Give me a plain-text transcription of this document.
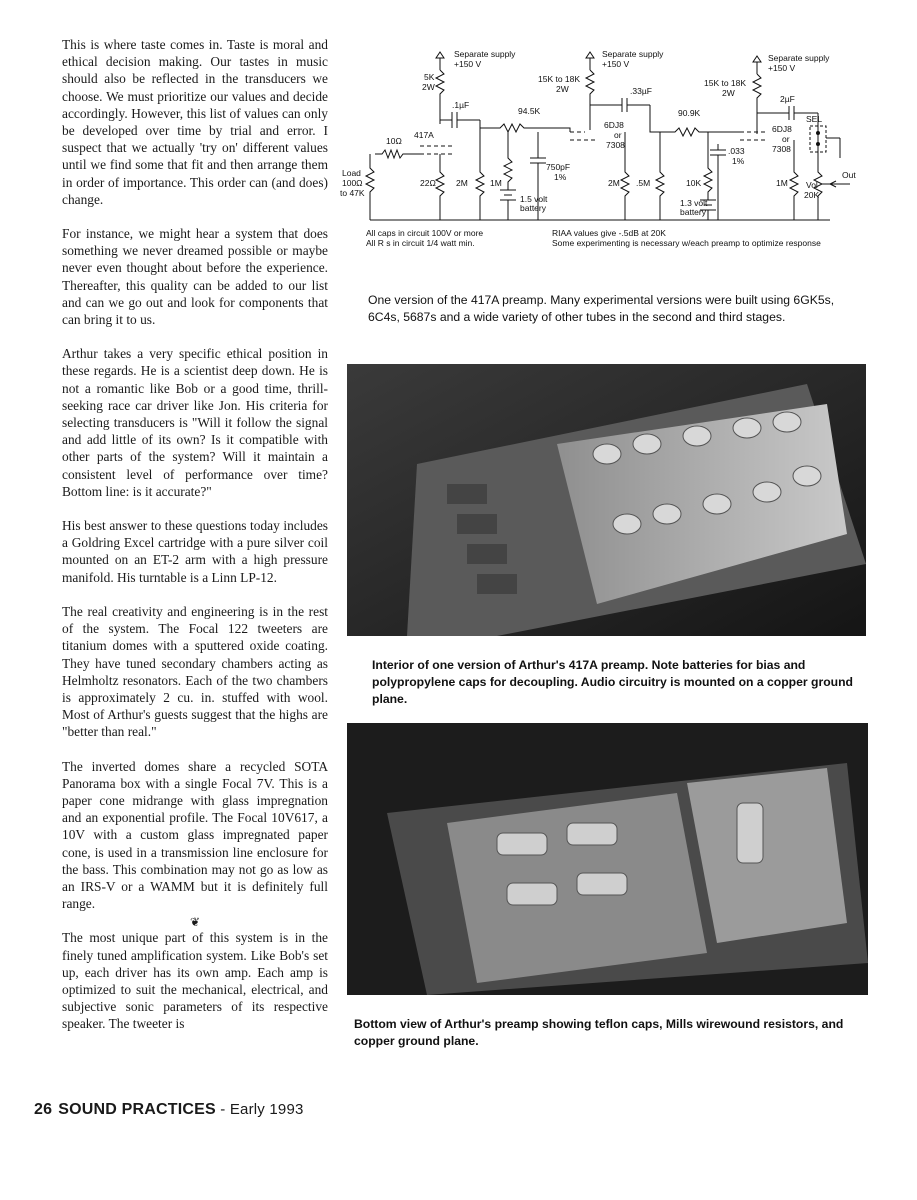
This is where taste comes in. Taste is moral and ethical decision making. Our tastes in music should also be reflected in the transducers we choose. We must prioritize our values and decide accordingly. However, this list of values can only be developed over time by trial and error. I suspect that we actually 'try on' different values until we find some that fit and then arrange them in order of importance. This order can (and does) change.

For instance, we might hear a system that does something we never dreamed possible or maybe never even thought about before the experience. Thereafter, this quality can be added to our list and can we go out and look for components that can bring it to us.

Arthur takes a very specific ethical position in these regards. He is a scientist deep down. He is not a romantic like Bob or a good time, thrill-seeking race car driver like Jon. His criteria for selecting transducers is "Will it follow the signal and add little of its own? Is it compatible with other parts of the system? Will it maintain a consistent level of performance over time? Bottom line: is it accurate?"

His best answer to these questions today includes a Goldring Excel cartridge with a pure silver coil mounted on an ET-2 arm with a high pressure manifold. His turntable is a Linn LP-12.

The real creativity and engineering is in the rest of the system. The Focal 122 tweeters are titanium domes with a sputtered oxide coating. They have tuned secondary chambers acting as Helmholtz resonators. Each of the two chambers is approximately 2 cu. in. stuffed with wool. Most of Arthur's guests suggest that the highs are "better than real."

The inverted domes share a recycled SOTA Panorama box with a single Focal 7V. This is a paper cone midrange with glass impregnation and an exponential profile. The Focal 10V617, a 10V with a custom glass impregnated paper cone, is used in a transmission line enclosure for the bass. This combination may not go as low as an IRS-V or a WAMM but it is definitely full range.

❦

The most unique part of this system is in the finely tuned amplification system. Like Bob's set up, each driver has its own amp. Each amp is optimized to suit the mechanical, electrical, and subjective sonic parameters of its respective speaker. The tweeter is

Separate supply
+150 V
Separate supply
+150 V
Separate supply
+150 V
5K
2W
15K to 18K
2W
15K to 18K
2W
.1µF
417A
10Ω
94.5K
6DJ8
or
7308
.33µF
90.9K
6DJ8
or
7308
2µF
SEL
750pF
1%
.033
1%
Load
100Ω
to 47K
22Ω 2M	1M
1.5 volt
battery
2M .5M	10K
1.3 volt
battery
1M Vol
20K
Out
All caps in circuit 100V or more
All R s in circuit 1/4 watt min.
RIAA values give -.5dB at 20K
Some experimenting is necessary w/each preamp to optimize response
One version of the 417A preamp. Many experimental versions were built using 6GK5s, 6C4s, 5687s and a wide variety of other tubes in the second and third stages.
Interior of one version of Arthur's 417A preamp. Note batteries for bias and polypropylene caps for decoupling. Audio circuitry is mounted on a copper ground plane.
Bottom view of Arthur's preamp showing teflon caps, Mills wirewound resistors, and copper ground plane.
26 SOUND PRACTICES - Early 1993
